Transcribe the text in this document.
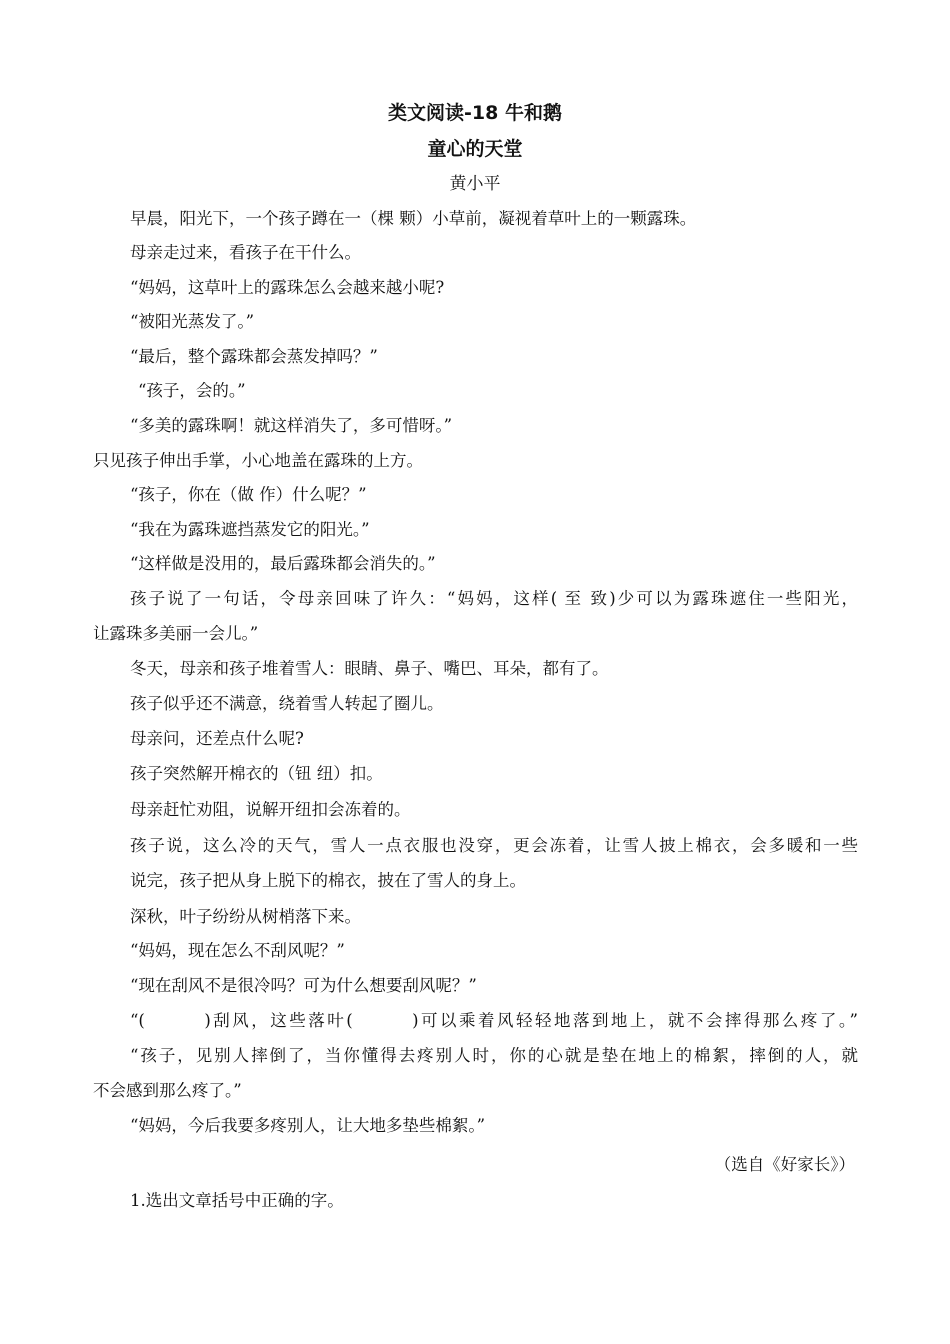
类文阅读-18 牛和鹅
童心的天堂
黄小平
早晨，阳光下，一个孩子蹲在一（棵 颗）小草前，凝视着草叶上的一颗露珠。
母亲走过来，看孩子在干什么。
“妈妈，这草叶上的露珠怎么会越来越小呢?
“被阳光蒸发了。”
“最后，整个露珠都会蒸发掉吗？”
“孩子，会的。”
“多美的露珠啊！就这样消失了，多可惜呀。”
只见孩子伸出手掌，小心地盖在露珠的上方。
“孩子，你在（做 作）什么呢？”
“我在为露珠遮挡蒸发它的阳光。”
“这样做是没用的，最后露珠都会消失的。”
孩子说了一句话，令母亲回味了许久：“妈妈，这样( 至 致)少可以为露珠遮住一些阳光，
让露珠多美丽一会儿。”
冬天，母亲和孩子堆着雪人：眼睛、鼻子、嘴巴、耳朵，都有了。
孩子似乎还不满意，绕着雪人转起了圈儿。
母亲问，还差点什么呢?
孩子突然解开棉衣的（钮 纽）扣。
母亲赶忙劝阻，说解开纽扣会冻着的。
孩子说，这么冷的天气，雪人一点衣服也没穿，更会冻着，让雪人披上棉衣，会多暖和一些
说完，孩子把从身上脱下的棉衣，披在了雪人的身上。
深秋，叶子纷纷从树梢落下来。
“妈妈，现在怎么不刮风呢？”
“现在刮风不是很冷吗？可为什么想要刮风呢？”
“(　　　)刮风，这些落叶(　　　)可以乘着风轻轻地落到地上，就不会摔得那么疼了。”
“孩子，见别人摔倒了，当你懂得去疼别人时，你的心就是垫在地上的棉絮，摔倒的人，就
不会感到那么疼了。”
“妈妈，今后我要多疼别人，让大地多垫些棉絮。”
（选自《好家长》）
1.选出文章括号中正确的字。
